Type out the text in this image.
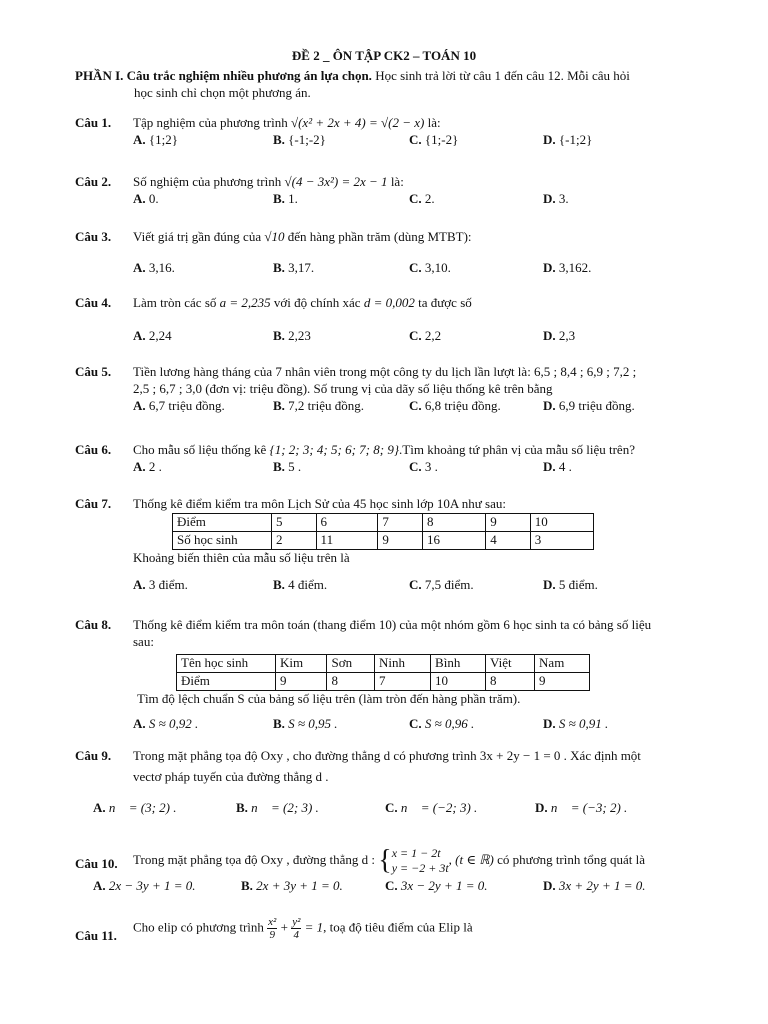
ĐỀ 2 _ ÔN TẬP CK2 – TOÁN 10
PHẦN I. Câu trắc nghiệm nhiều phương án lựa chọn. Học sinh trả lời từ câu 1 đến câu 12. Mỗi câu hỏi
học sinh chỉ chọn một phương án.
Câu 1. Tập nghiệm của phương trình √(x² + 2x + 4) = √(2 − x) là:
A. {1;2}	B. {-1;-2}	C. {1;-2}	D. {-1;2}
Câu 2. Số nghiệm của phương trình √(4 − 3x²) = 2x − 1 là:
A. 0.	B. 1.	C. 2.	D. 3.
Câu 3. Viết giá trị gần đúng của √10 đến hàng phần trăm (dùng MTBT):
A. 3,16.	B. 3,17.	C. 3,10.	D. 3,162.
Câu 4. Làm tròn các số a = 2,235 với độ chính xác d = 0,002 ta được số
A. 2,24	B. 2,23	C. 2,2	D. 2,3
Câu 5. Tiền lương hàng tháng của 7 nhân viên trong một công ty du lịch lần lượt là: 6,5 ; 8,4 ; 6,9 ; 7,2 ;
2,5 ; 6,7 ; 3,0 (đơn vị: triệu đồng). Số trung vị của dãy số liệu thống kê trên bằng
A. 6,7 triệu đồng.	B. 7,2 triệu đồng.	C. 6,8 triệu đồng.	D. 6,9 triệu đồng.
Câu 6. Cho mẫu số liệu thống kê {1; 2; 3; 4; 5; 6; 7; 8; 9}.Tìm khoảng tứ phân vị của mẫu số liệu trên?
A. 2 .	B. 5 .	C. 3 .	D. 4 .
Câu 7. Thống kê điểm kiểm tra môn Lịch Sử của 45 học sinh lớp 10A như sau:
Điểm	5	6	7	8	9	10
Số học sinh	2	11	9	16	4	3
Khoảng biến thiên của mẫu số liệu trên là
A. 3 điểm.	B. 4 điểm.	C. 7,5 điểm.	D. 5 điểm.
Câu 8. Thống kê điểm kiểm tra môn toán (thang điểm 10) của một nhóm gồm 6 học sinh ta có bảng số liệu
sau:
Tên học sinh	Kim	Sơn	Ninh	Bình	Việt	Nam
Điểm	9	8	7	10	8	9
Tìm độ lệch chuẩn S của bảng số liệu trên (làm tròn đến hàng phần trăm).
A. S ≈ 0,92 .	B. S ≈ 0,95 .	C. S ≈ 0,96 .	D. S ≈ 0,91 .
Câu 9. Trong mặt phẳng tọa độ Oxy , cho đường thẳng d có phương trình 3x + 2y − 1 = 0 . Xác định một
vectơ pháp tuyến của đường thẳng d .
A. n⃗ = (3; 2) .	B. n⃗ = (2; 3) .	C. n⃗ = (−2; 3) .	D. n⃗ = (−3; 2) .
Câu 10. Trong mặt phẳng tọa độ Oxy , đường thẳng d : { x = 1 − 2t
y = −2 + 3t
, (t ∈ ℝ) có phương trình tổng quát là
A. 2x − 3y + 1 = 0.	B. 2x + 3y + 1 = 0.	C. 3x − 2y + 1 = 0.	D. 3x + 2y + 1 = 0.
Câu 11.
Cho elip có phương trình $\frac{\text{x²}}{9} + \frac{\text{y²}}{4} = 1$, toạ độ tiêu điểm của Elip là
